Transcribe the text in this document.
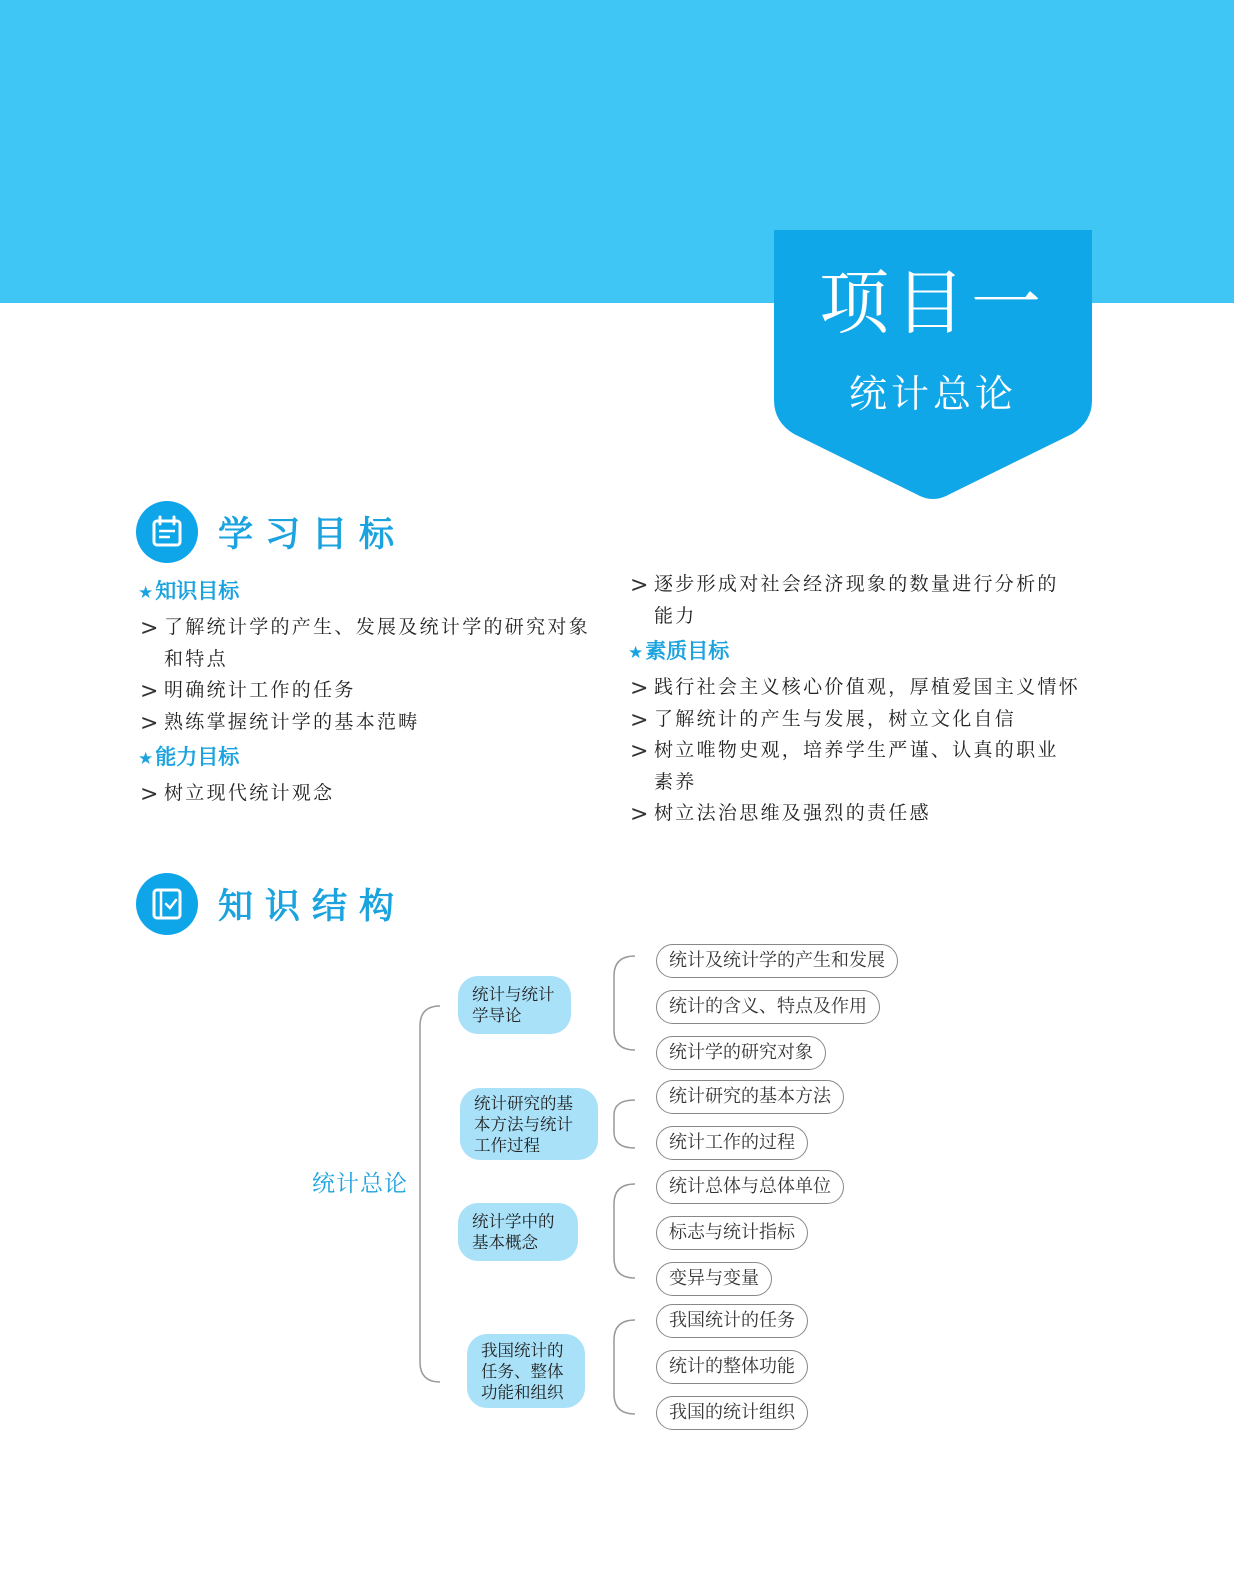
项目一
统计总论
学习目标
★知识目标
> 了解统计学的产生、发展及统计学的研究对象
和特点
> 明确统计工作的任务
> 熟练掌握统计学的基本范畴
★能力目标
> 树立现代统计观念
> 逐步形成对社会经济现象的数量进行分析的
能力
★素质目标
> 践行社会主义核心价值观，厚植爱国主义情怀
> 了解统计的产生与发展，树立文化自信
> 树立唯物史观，培养学生严谨、认真的职业
素养
> 树立法治思维及强烈的责任感
知识结构
统计总论
统计与统计
学导论
统计研究的基
本方法与统计
工作过程
统计学中的
基本概念
我国统计的
任务、整体
功能和组织
统计及统计学的产生和发展
统计的含义、特点及作用
统计学的研究对象
统计研究的基本方法
统计工作的过程
统计总体与总体单位
标志与统计指标
变异与变量
我国统计的任务
统计的整体功能
我国的统计组织
